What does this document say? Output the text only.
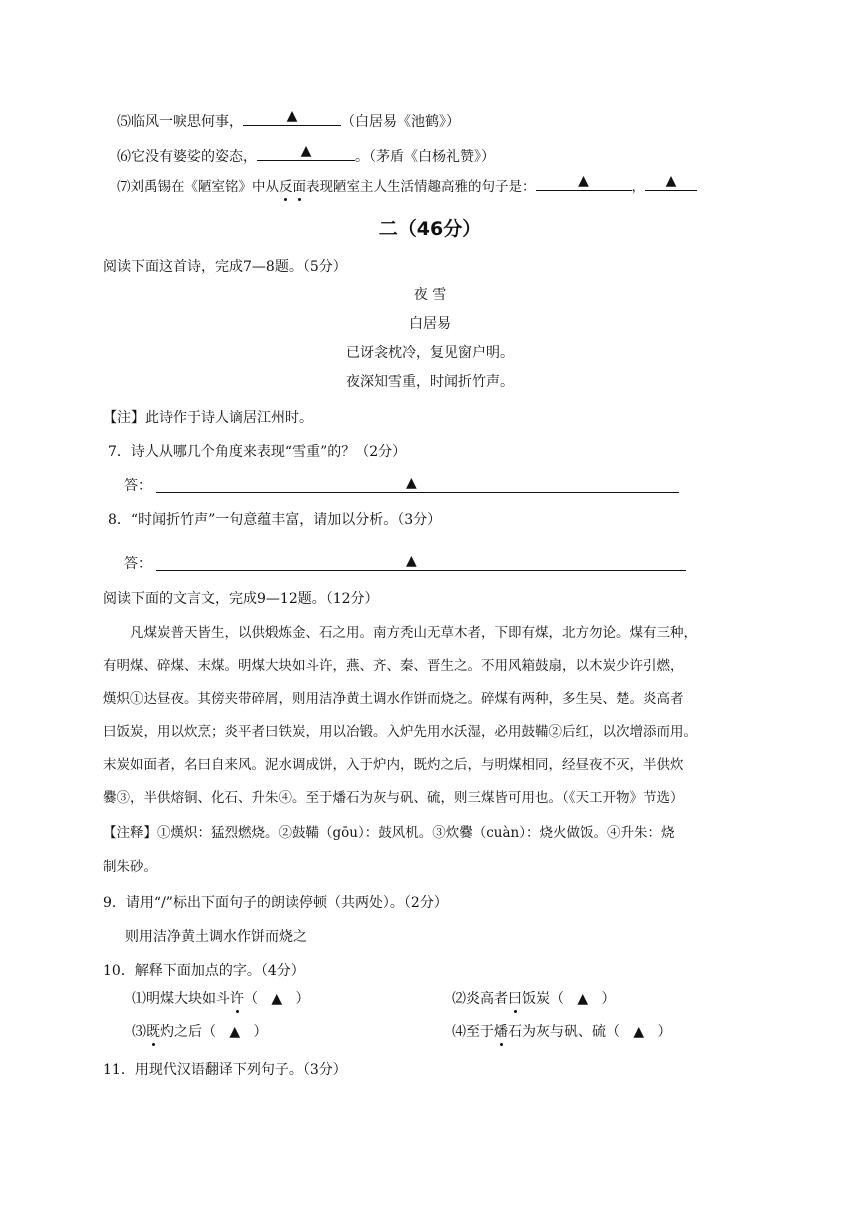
⑸临风一唳思何事，	▲	（白居易《池鹤》）
⑹它没有婆娑的姿态，	▲	。（茅盾《白杨礼赞》）
⑺刘禹锡在《陋室铭》中从反面表现陋室主人生活情趣高雅的句子是：	▲	，	▲
二（46分）
阅读下面这首诗，完成7—8题。（5分）
夜 雪
白居易
已讶衾枕冷，复见窗户明。
夜深知雪重，时闻折竹声。
【注】此诗作于诗人谪居江州时。
7．诗人从哪几个角度来表现“雪重”的？（2分）
答：	▲
8．“时闻折竹声”一句意蕴丰富，请加以分析。（3分）
答：	▲
阅读下面的文言文，完成9—12题。（12分）
凡煤炭普天皆生，以供煅炼金、石之用。南方秃山无草木者，下即有煤，北方勿论。煤有三种，
有明煤、碎煤、末煤。明煤大块如斗许，燕、齐、秦、晋生之。不用风箱鼓扇，以木炭少许引燃，
熯炽①达昼夜。其傍夹带碎屑，则用洁净黄土调水作饼而烧之。碎煤有两种，多生吴、楚。炎高者
曰饭炭，用以炊烹；炎平者曰铁炭，用以冶锻。入炉先用水沃湿，必用鼓鞴②后红，以次增添而用。
末炭如面者，名曰自来风。泥水调成饼，入于炉内，既灼之后，与明煤相同，经昼夜不灭，半供炊
爨③，半供熔铜、化石、升朱④。至于燔石为灰与矾、硫，则三煤皆可用也。（《天工开物》节选）
【注释】①熯炽：猛烈燃烧。②鼓鞴（gōu）：鼓风机。③炊爨（cuàn）：烧火做饭。④升朱：烧
制朱砂。
9．请用“/”标出下面句子的朗读停顿（共两处）。（2分）
则用洁净黄土调水作饼而烧之
10．解释下面加点的字。（4分）
⑴明煤大块如斗许（ ▲ ）	⑵炎高者曰饭炭（ ▲ ）
⑶既灼之后（ ▲ ）	⑷至于燔石为灰与矾、硫（ ▲ ）
11．用现代汉语翻译下列句子。（3分）
